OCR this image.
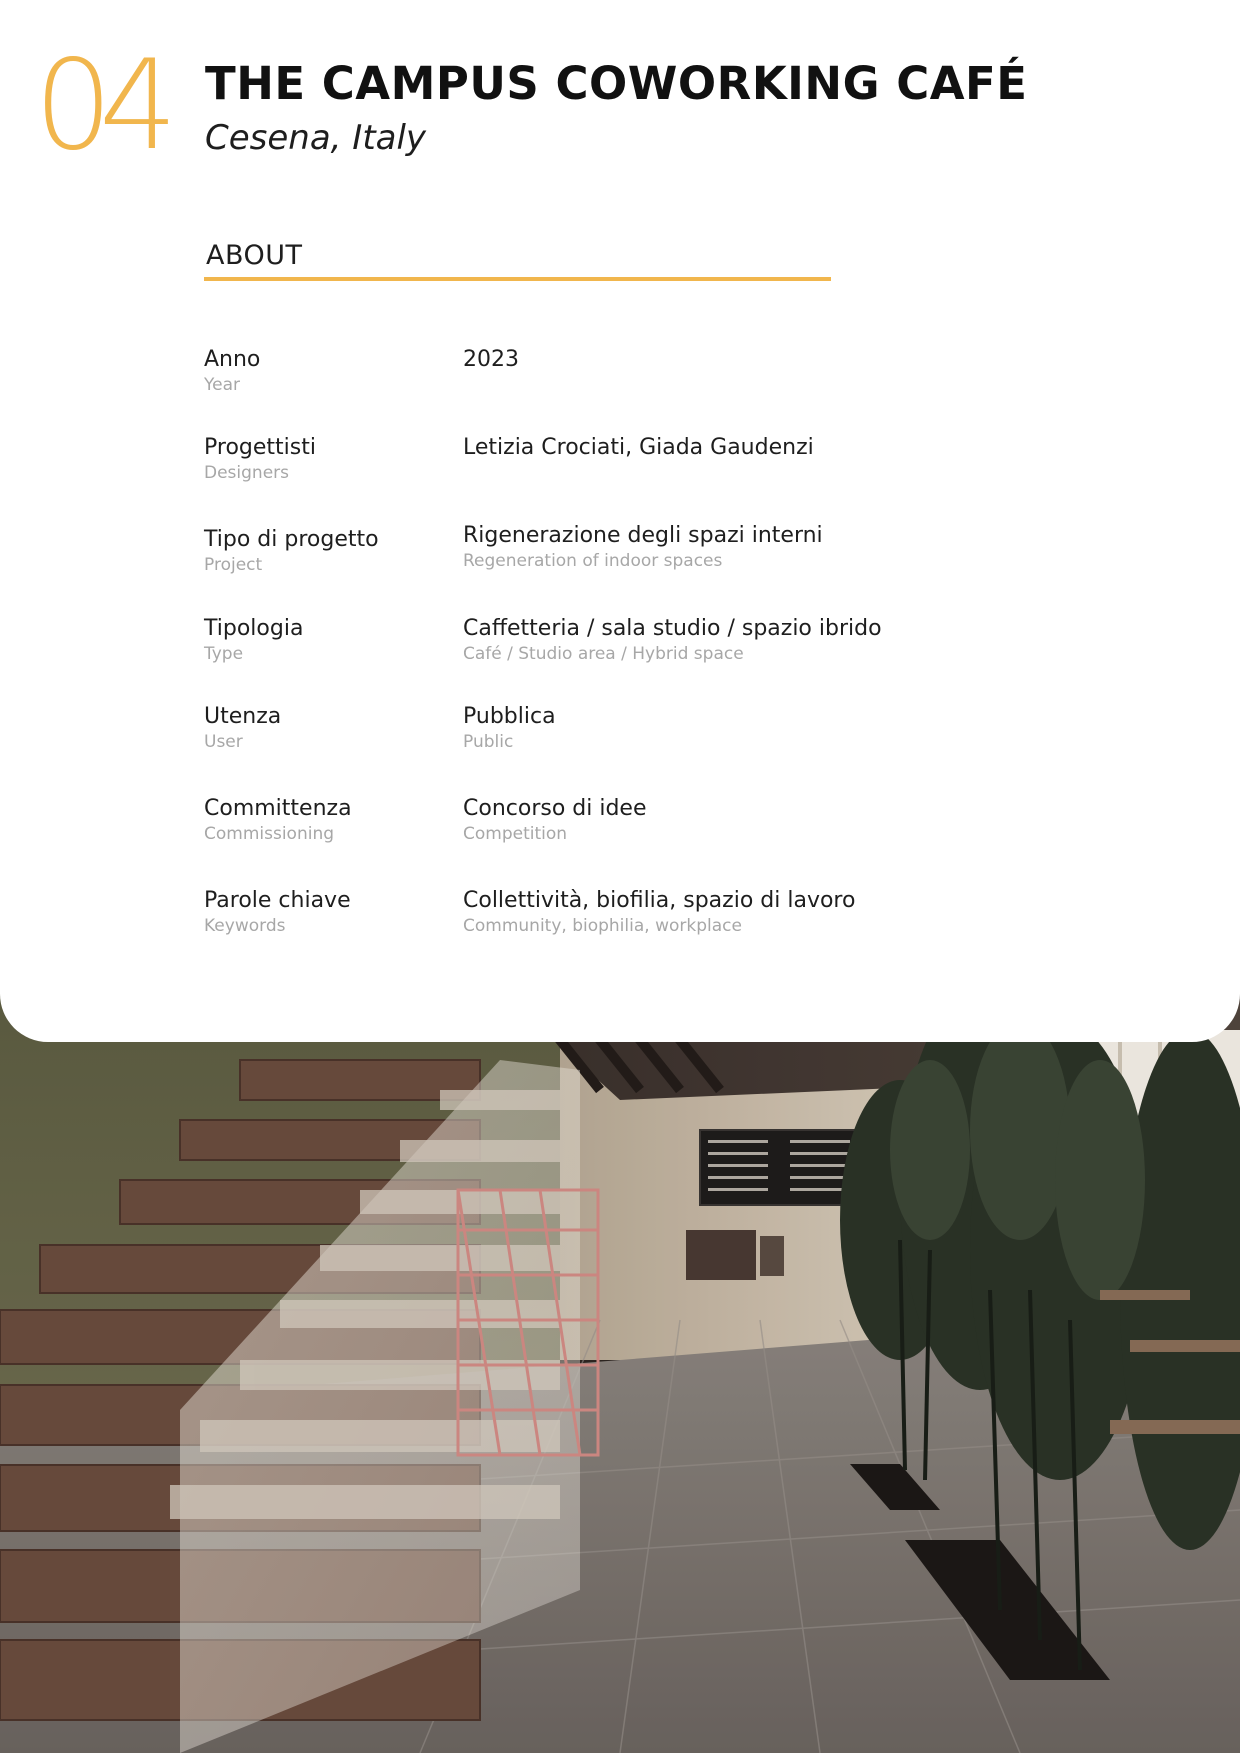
04 THE CAMPUS COWORKING CAFÉ
Cesena, Italy
ABOUT
Anno
Year
2023
Progettisti
Designers
Letizia Crociati, Giada Gaudenzi
Tipo di progetto
Project
Rigenerazione degli spazi interni
Regeneration of indoor spaces
Tipologia
Type
Caffetteria / sala studio / spazio ibrido
Café / Studio area / Hybrid space
Utenza
User
Pubblica
Public
Committenza
Commissioning
Concorso di idee
Competition
Parole chiave
Keywords
Collettività, biofilia, spazio di lavoro
Community, biophilia, workplace
